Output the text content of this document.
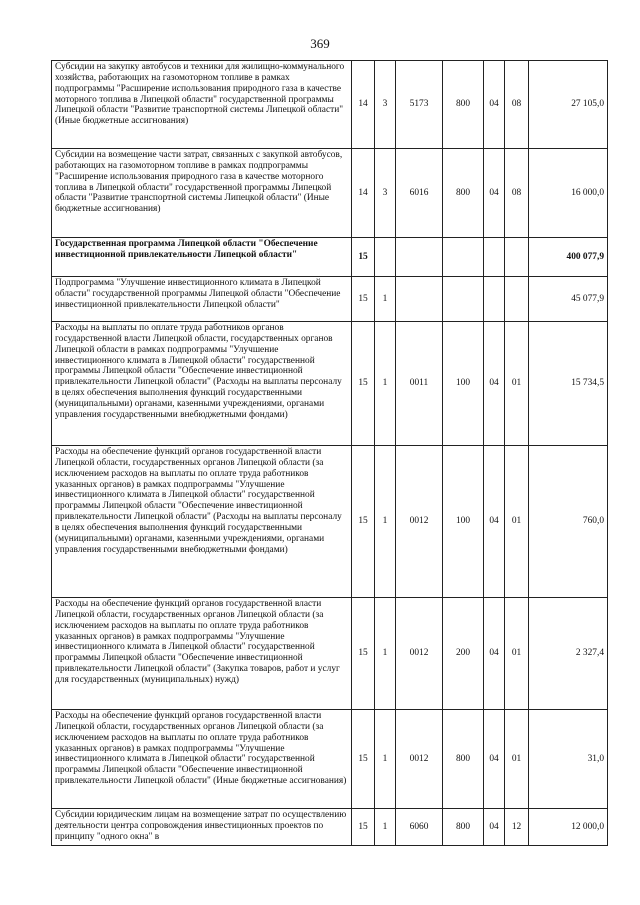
369
Субсидии на закупку автобусов и техники для жилищно-коммунального хозяйства, работающих на газомоторном топливе в рамках подпрограммы "Расширение использования природного газа в качестве моторного топлива в Липецкой области" государственной программы Липецкой области "Развитие транспортной системы Липецкой области" (Иные бюджетные ассигнования)	14	3	5173	800	04	08	27 105,0
Субсидии на возмещение части затрат, связанных с закупкой автобусов, работающих на газомоторном топливе в рамках подпрограммы "Расширение использования природного газа в качестве моторного топлива в Липецкой области" государственной программы Липецкой области "Развитие транспортной системы Липецкой области" (Иные бюджетные ассигнования)	14	3	6016	800	04	08	16 000,0
Государственная программа Липецкой области "Обеспечение инвестиционной привлекательности Липецкой области"	15						400 077,9
Подпрограмма "Улучшение инвестиционного климата в Липецкой области" государственной программы Липецкой области "Обеспечение инвестиционной привлекательности Липецкой области"	15	1					45 077,9
Расходы на выплаты по оплате труда работников органов государственной власти Липецкой области, государственных органов Липецкой области в рамках подпрограммы "Улучшение инвестиционного климата в Липецкой области" государственной программы Липецкой области "Обеспечение инвестиционной привлекательности Липецкой области" (Расходы на выплаты персоналу в целях обеспечения выполнения функций государственными (муниципальными) органами, казенными учреждениями, органами управления государственными внебюджетными фондами)	15	1	0011	100	04	01	15 734,5
Расходы на обеспечение функций органов государственной власти Липецкой области, государственных органов Липецкой области (за исключением расходов на выплаты по оплате труда работников указанных органов) в рамках подпрограммы "Улучшение инвестиционного климата в Липецкой области" государственной программы Липецкой области "Обеспечение инвестиционной привлекательности Липецкой области" (Расходы на выплаты персоналу в целях обеспечения выполнения функций государственными (муниципальными) органами, казенными учреждениями, органами управления государственными внебюджетными фондами)	15	1	0012	100	04	01	760,0
Расходы на обеспечение функций органов государственной власти Липецкой области, государственных органов Липецкой области (за исключением расходов на выплаты по оплате труда работников указанных органов) в рамках подпрограммы "Улучшение инвестиционного климата в Липецкой области" государственной программы Липецкой области "Обеспечение инвестиционной привлекательности Липецкой области" (Закупка товаров, работ и услуг для государственных (муниципальных) нужд)	15	1	0012	200	04	01	2 327,4
Расходы на обеспечение функций органов государственной власти Липецкой области, государственных органов Липецкой области (за исключением расходов на выплаты по оплате труда работников указанных органов) в рамках подпрограммы "Улучшение инвестиционного климата в Липецкой области" государственной программы Липецкой области "Обеспечение инвестиционной привлекательности Липецкой области" (Иные бюджетные ассигнования)	15	1	0012	800	04	01	31,0
Субсидии юридическим лицам на возмещение затрат по осуществлению деятельности центра сопровождения инвестиционных проектов по принципу "одного окна" в	15	1	6060	800	04	12	12 000,0
